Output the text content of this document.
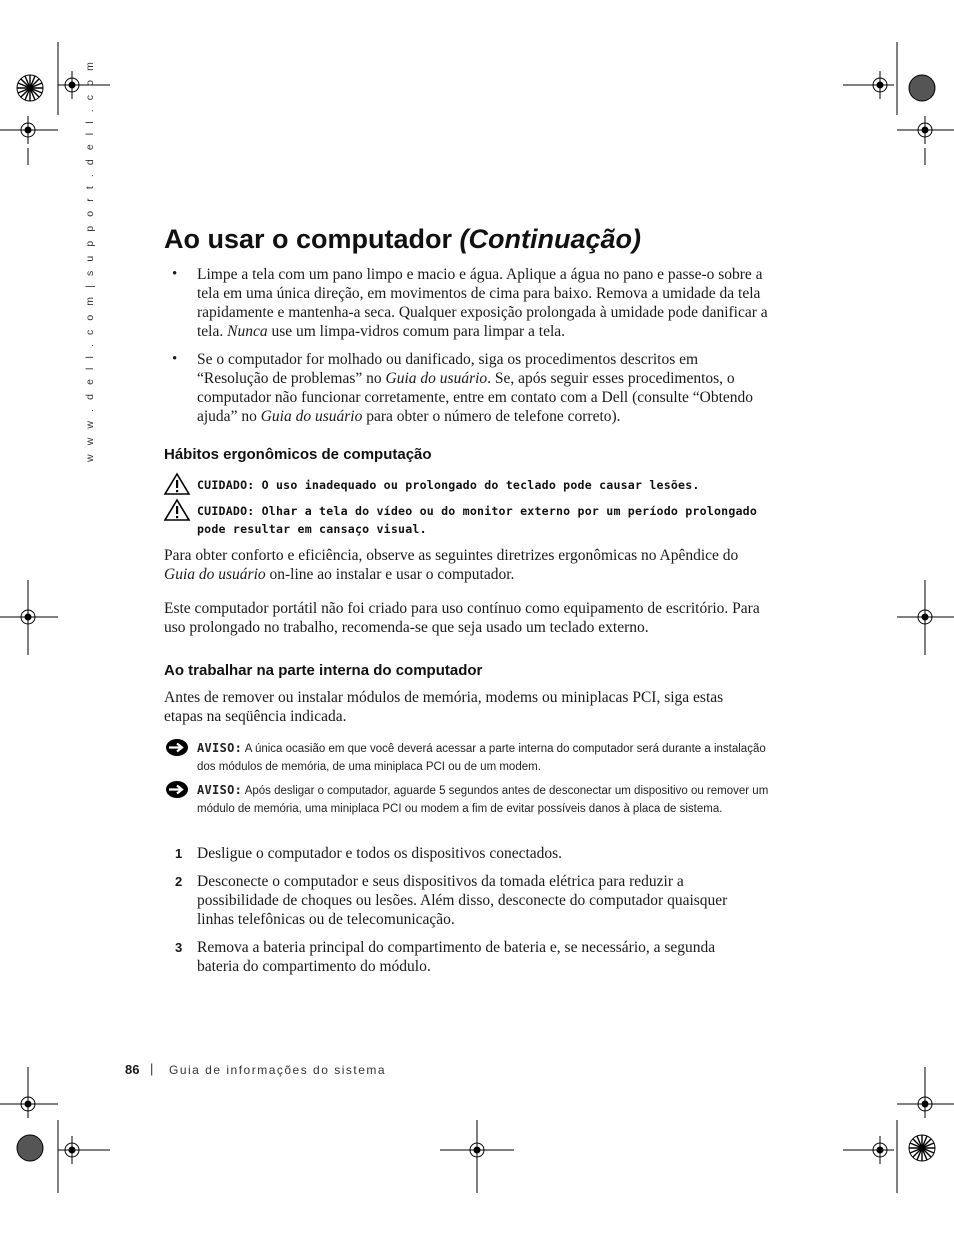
w w w . d e l l . c o m | s u p p o r t . d e l l . c o m	Ao usar o computador (Continuação)
• Limpe a tela com um pano limpo e macio e água. Aplique a água no pano e passe-o sobre a tela em uma única direção, em movimentos de cima para baixo. Remova a umidade da tela rapidamente e mantenha-a seca. Qualquer exposição prolongada à umidade pode danificar a tela. Nunca use um limpa-vidros comum para limpar a tela.
• Se o computador for molhado ou danificado, siga os procedimentos descritos em “Resolução de problemas” no Guia do usuário. Se, após seguir esses procedimentos, o computador não funcionar corretamente, entre em contato com a Dell (consulte “Obtendo ajuda” no Guia do usuário para obter o número de telefone correto).
Hábitos ergonômicos de computação
CUIDADO: O uso inadequado ou prolongado do teclado pode causar lesões.
CUIDADO: Olhar a tela do vídeo ou do monitor externo por um período prolongado pode resultar em cansaço visual.
Para obter conforto e eficiência, observe as seguintes diretrizes ergonômicas no Apêndice do Guia do usuário on-line ao instalar e usar o computador.
Este computador portátil não foi criado para uso contínuo como equipamento de escritório. Para uso prolongado no trabalho, recomenda-se que seja usado um teclado externo.
Ao trabalhar na parte interna do computador
Antes de remover ou instalar módulos de memória, modems ou miniplacas PCI, siga estas etapas na seqüência indicada.
AVISO: A única ocasião em que você deverá acessar a parte interna do computador será durante a instalação dos módulos de memória, de uma miniplaca PCI ou de um modem.
AVISO: Após desligar o computador, aguarde 5 segundos antes de desconectar um dispositivo ou remover um módulo de memória, uma miniplaca PCI ou modem a fim de evitar possíveis danos à placa de sistema.
1 Desligue o computador e todos os dispositivos conectados.
2 Desconecte o computador e seus dispositivos da tomada elétrica para reduzir a possibilidade de choques ou lesões. Além disso, desconecte do computador quaisquer linhas telefônicas ou de telecomunicação.
3 Remova a bateria principal do compartimento de bateria e, se necessário, a segunda bateria do compartimento do módulo.
86 | Guia de informações do sistema
